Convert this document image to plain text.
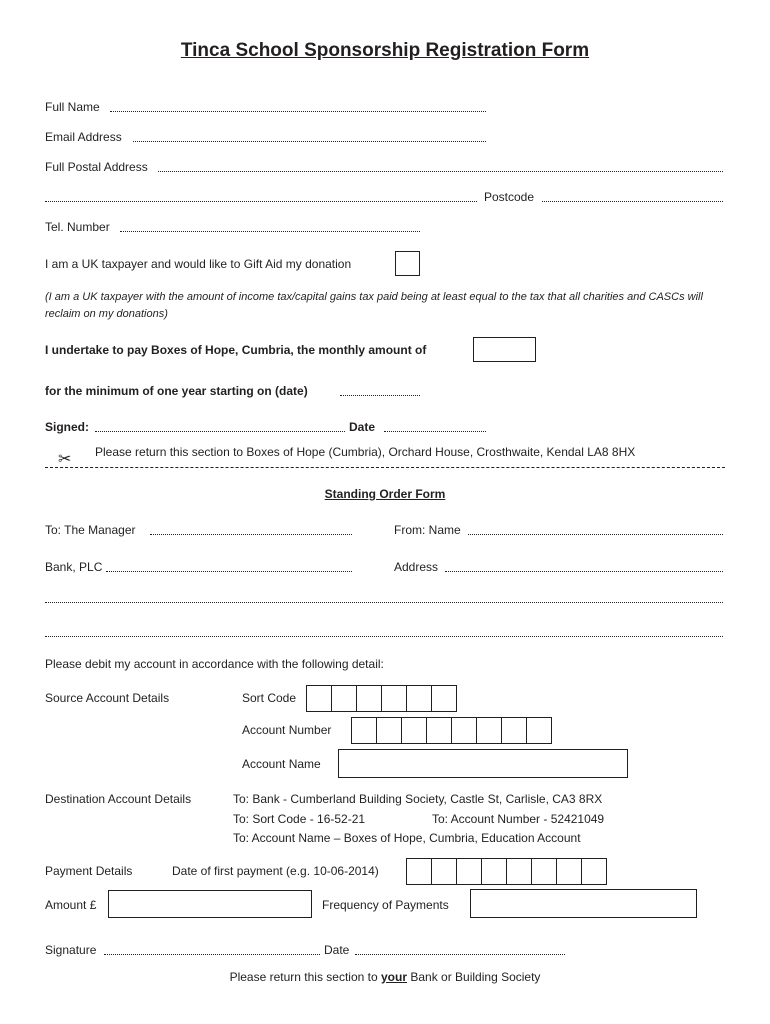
Tinca School Sponsorship Registration Form
Full Name
Email Address
Full Postal Address
Postcode
Tel. Number
I am a UK taxpayer and would like to Gift Aid my donation
(I am a UK taxpayer with the amount of income tax/capital gains tax paid being at least equal to the tax that all charities and CASCs will reclaim on my donations)
I undertake to pay Boxes of Hope, Cumbria, the monthly amount of
for the minimum of one year starting on (date)
Signed:	Date
✂ Please return this section to Boxes of Hope (Cumbria), Orchard House, Crosthwaite, Kendal LA8 8HX
Standing Order Form
To: The Manager	From: Name
Bank, PLC	Address
Please debit my account in accordance with the following detail:
Source Account Details	Sort Code
Account Number
Account Name
Destination Account Details	To: Bank - Cumberland Building Society, Castle St, Carlisle, CA3 8RX
To: Sort Code - 16-52-21	To: Account Number - 52421049
To: Account Name – Boxes of Hope, Cumbria, Education Account
Payment Details	Date of first payment (e.g. 10-06-2014)
Amount £	Frequency of Payments
Signature	Date
Please return this section to your Bank or Building Society
